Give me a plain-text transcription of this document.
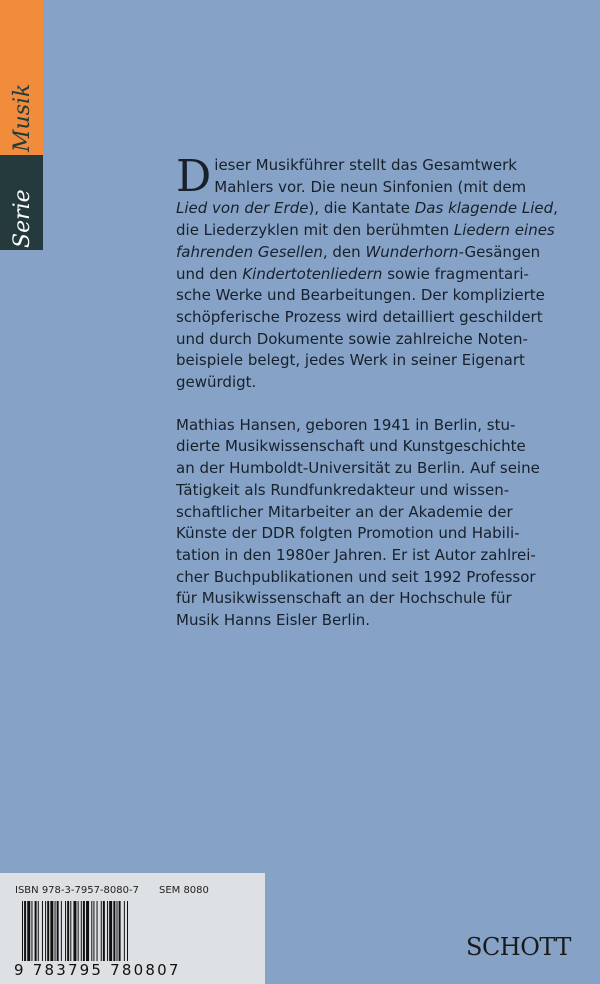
Serie
Musik
D ieser Musikführer stellt das Gesamtwerk
Mahlers vor. Die neun Sinfonien (mit dem
Lied von der Erde), die Kantate Das klagende Lied,
die Liederzyklen mit den berühmten Liedern eines
fahrenden Gesellen, den Wunderhorn-Gesängen
und den Kindertotenliedern sowie fragmentari-
sche Werke und Bearbeitungen. Der komplizierte
schöpferische Prozess wird detailliert geschildert
und durch Dokumente sowie zahlreiche Noten-
beispiele belegt, jedes Werk in seiner Eigenart
gewürdigt.
Mathias Hansen, geboren 1941 in Berlin, stu-
dierte Musikwissenschaft und Kunstgeschichte
an der Humboldt-Universität zu Berlin. Auf seine
Tätigkeit als Rundfunkredakteur und wissen-
schaftlicher Mitarbeiter an der Akademie der
Künste der DDR folgten Promotion und Habili-
tation in den 1980er Jahren. Er ist Autor zahlrei-
cher Buchpublikationen und seit 1992 Professor
für Musikwissenschaft an der Hochschule für
Musik Hanns Eisler Berlin.
ISBN 978-3-7957-8080-7 SEM 8080
9 783795 780807
SCHOTT
